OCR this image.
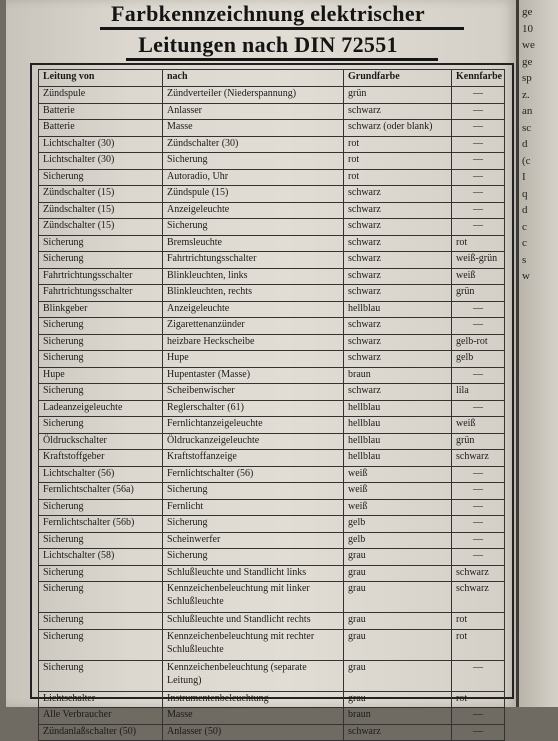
ge
10
we
ge
sp
z.
an
sc
d
(c
I
q
d
c
c
s
w
Farbkennzeichnung elektrischer
Leitungen nach DIN 72551
Leitung von	nach	Grundfarbe	Kennfarbe
Zündspule	Zündverteiler (Niederspannung)	grün	—
Batterie	Anlasser	schwarz	—
Batterie	Masse	schwarz (oder blank)	—
Lichtschalter (30)	Zündschalter (30)	rot	—
Lichtschalter (30)	Sicherung	rot	—
Sicherung	Autoradio, Uhr	rot	—
Zündschalter (15)	Zündspule (15)	schwarz	—
Zündschalter (15)	Anzeigeleuchte	schwarz	—
Zündschalter (15)	Sicherung	schwarz	—
Sicherung	Bremsleuchte	schwarz	rot
Sicherung	Fahrtrichtungsschalter	schwarz	weiß-grün
Fahrtrichtungsschalter	Blinkleuchten, links	schwarz	weiß
Fahrtrichtungsschalter	Blinkleuchten, rechts	schwarz	grün
Blinkgeber	Anzeigeleuchte	hellblau	—
Sicherung	Zigarettenanzünder	schwarz	—
Sicherung	heizbare Heckscheibe	schwarz	gelb-rot
Sicherung	Hupe	schwarz	gelb
Hupe	Hupentaster (Masse)	braun	—
Sicherung	Scheibenwischer	schwarz	lila
Ladeanzeigeleuchte	Reglerschalter (61)	hellblau	—
Sicherung	Fernlichtanzeigeleuchte	hellblau	weiß
Öldruckschalter	Öldruckanzeigeleuchte	hellblau	grün
Kraftstoffgeber	Kraftstoffanzeige	hellblau	schwarz
Lichtschalter (56)	Fernlichtschalter (56)	weiß	—
Fernlichtschalter (56a)	Sicherung	weiß	—
Sicherung	Fernlicht	weiß	—
Fernlichtschalter (56b)	Sicherung	gelb	—
Sicherung	Scheinwerfer	gelb	—
Lichtschalter (58)	Sicherung	grau	—
Sicherung	Schlußleuchte und Standlicht links	grau	schwarz
Sicherung	Kennzeichenbeleuchtung mit linker Schlußleuchte	grau	schwarz
Sicherung	Schlußleuchte und Standlicht rechts	grau	rot
Sicherung	Kennzeichenbeleuchtung mit rechter Schlußleuchte	grau	rot
Sicherung	Kennzeichenbeleuchtung (separate Leitung)	grau	—
Lichtschalter	Instrumentenbeleuchtung	grau	rot
Alle Verbraucher	Masse	braun	—
Zündanlaßschalter (50)	Anlasser (50)	schwarz	—
